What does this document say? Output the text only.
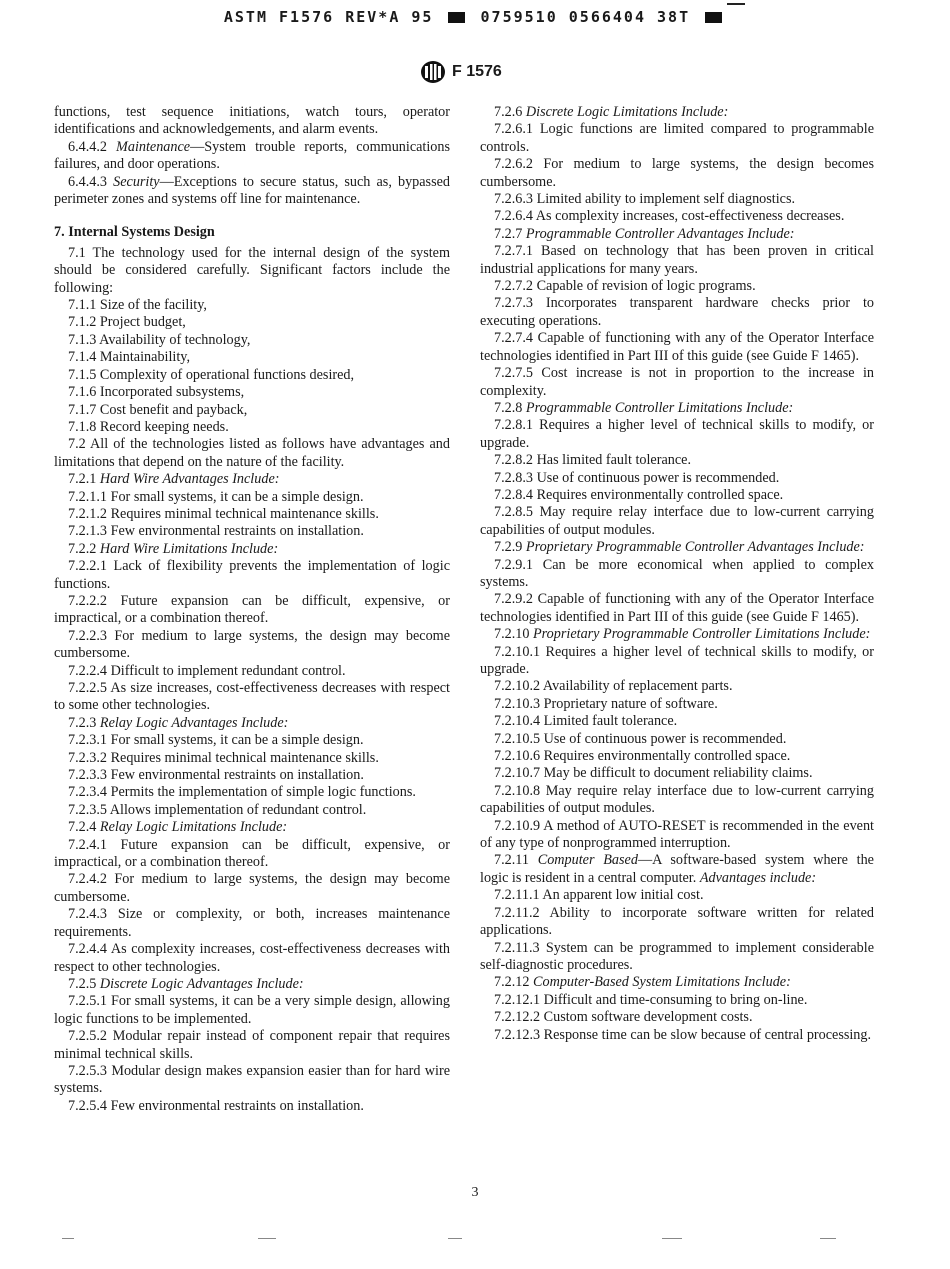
ASTM F1576 REV*A 95	0759510 0566404 38T
F 1576

functions, test sequence initiations, watch tours, operator identifications and acknowledgements, and alarm events.

6.4.4.2 Maintenance—System trouble reports, communications failures, and door operations.

6.4.4.3 Security—Exceptions to secure status, such as, bypassed perimeter zones and systems off line for maintenance.

7. Internal Systems Design

7.1 The technology used for the internal design of the system should be considered carefully. Significant factors include the following:

7.1.1 Size of the facility,

7.1.2 Project budget,

7.1.3 Availability of technology,

7.1.4 Maintainability,

7.1.5 Complexity of operational functions desired,

7.1.6 Incorporated subsystems,

7.1.7 Cost benefit and payback,

7.1.8 Record keeping needs.

7.2 All of the technologies listed as follows have advantages and limitations that depend on the nature of the facility.

7.2.1 Hard Wire Advantages Include:

7.2.1.1 For small systems, it can be a simple design.

7.2.1.2 Requires minimal technical maintenance skills.

7.2.1.3 Few environmental restraints on installation.

7.2.2 Hard Wire Limitations Include:

7.2.2.1 Lack of flexibility prevents the implementation of logic functions.

7.2.2.2 Future expansion can be difficult, expensive, or impractical, or a combination thereof.

7.2.2.3 For medium to large systems, the design may become cumbersome.

7.2.2.4 Difficult to implement redundant control.

7.2.2.5 As size increases, cost-effectiveness decreases with respect to some other technologies.

7.2.3 Relay Logic Advantages Include:

7.2.3.1 For small systems, it can be a simple design.

7.2.3.2 Requires minimal technical maintenance skills.

7.2.3.3 Few environmental restraints on installation.

7.2.3.4 Permits the implementation of simple logic functions.

7.2.3.5 Allows implementation of redundant control.

7.2.4 Relay Logic Limitations Include:

7.2.4.1 Future expansion can be difficult, expensive, or impractical, or a combination thereof.

7.2.4.2 For medium to large systems, the design may become cumbersome.

7.2.4.3 Size or complexity, or both, increases maintenance requirements.

7.2.4.4 As complexity increases, cost-effectiveness decreases with respect to other technologies.

7.2.5 Discrete Logic Advantages Include:

7.2.5.1 For small systems, it can be a very simple design, allowing logic functions to be implemented.

7.2.5.2 Modular repair instead of component repair that requires minimal technical skills.

7.2.5.3 Modular design makes expansion easier than for hard wire systems.

7.2.5.4 Few environmental restraints on installation.

7.2.6 Discrete Logic Limitations Include:

7.2.6.1 Logic functions are limited compared to programmable controls.

7.2.6.2 For medium to large systems, the design becomes cumbersome.

7.2.6.3 Limited ability to implement self diagnostics.

7.2.6.4 As complexity increases, cost-effectiveness decreases.

7.2.7 Programmable Controller Advantages Include:

7.2.7.1 Based on technology that has been proven in critical industrial applications for many years.

7.2.7.2 Capable of revision of logic programs.

7.2.7.3 Incorporates transparent hardware checks prior to executing operations.

7.2.7.4 Capable of functioning with any of the Operator Interface technologies identified in Part III of this guide (see Guide F 1465).

7.2.7.5 Cost increase is not in proportion to the increase in complexity.

7.2.8 Programmable Controller Limitations Include:

7.2.8.1 Requires a higher level of technical skills to modify, or upgrade.

7.2.8.2 Has limited fault tolerance.

7.2.8.3 Use of continuous power is recommended.

7.2.8.4 Requires environmentally controlled space.

7.2.8.5 May require relay interface due to low-current carrying capabilities of output modules.

7.2.9 Proprietary Programmable Controller Advantages Include:

7.2.9.1 Can be more economical when applied to complex systems.

7.2.9.2 Capable of functioning with any of the Operator Interface technologies identified in Part III of this guide (see Guide F 1465).

7.2.10 Proprietary Programmable Controller Limitations Include:

7.2.10.1 Requires a higher level of technical skills to modify, or upgrade.

7.2.10.2 Availability of replacement parts.

7.2.10.3 Proprietary nature of software.

7.2.10.4 Limited fault tolerance.

7.2.10.5 Use of continuous power is recommended.

7.2.10.6 Requires environmentally controlled space.

7.2.10.7 May be difficult to document reliability claims.

7.2.10.8 May require relay interface due to low-current carrying capabilities of output modules.

7.2.10.9 A method of AUTO-RESET is recommended in the event of any type of nonprogrammed interruption.

7.2.11 Computer Based—A software-based system where the logic is resident in a central computer. Advantages include:

7.2.11.1 An apparent low initial cost.

7.2.11.2 Ability to incorporate software written for related applications.

7.2.11.3 System can be programmed to implement considerable self-diagnostic procedures.

7.2.12 Computer-Based System Limitations Include:

7.2.12.1 Difficult and time-consuming to bring on-line.

7.2.12.2 Custom software development costs.

7.2.12.3 Response time can be slow because of central processing.

3
